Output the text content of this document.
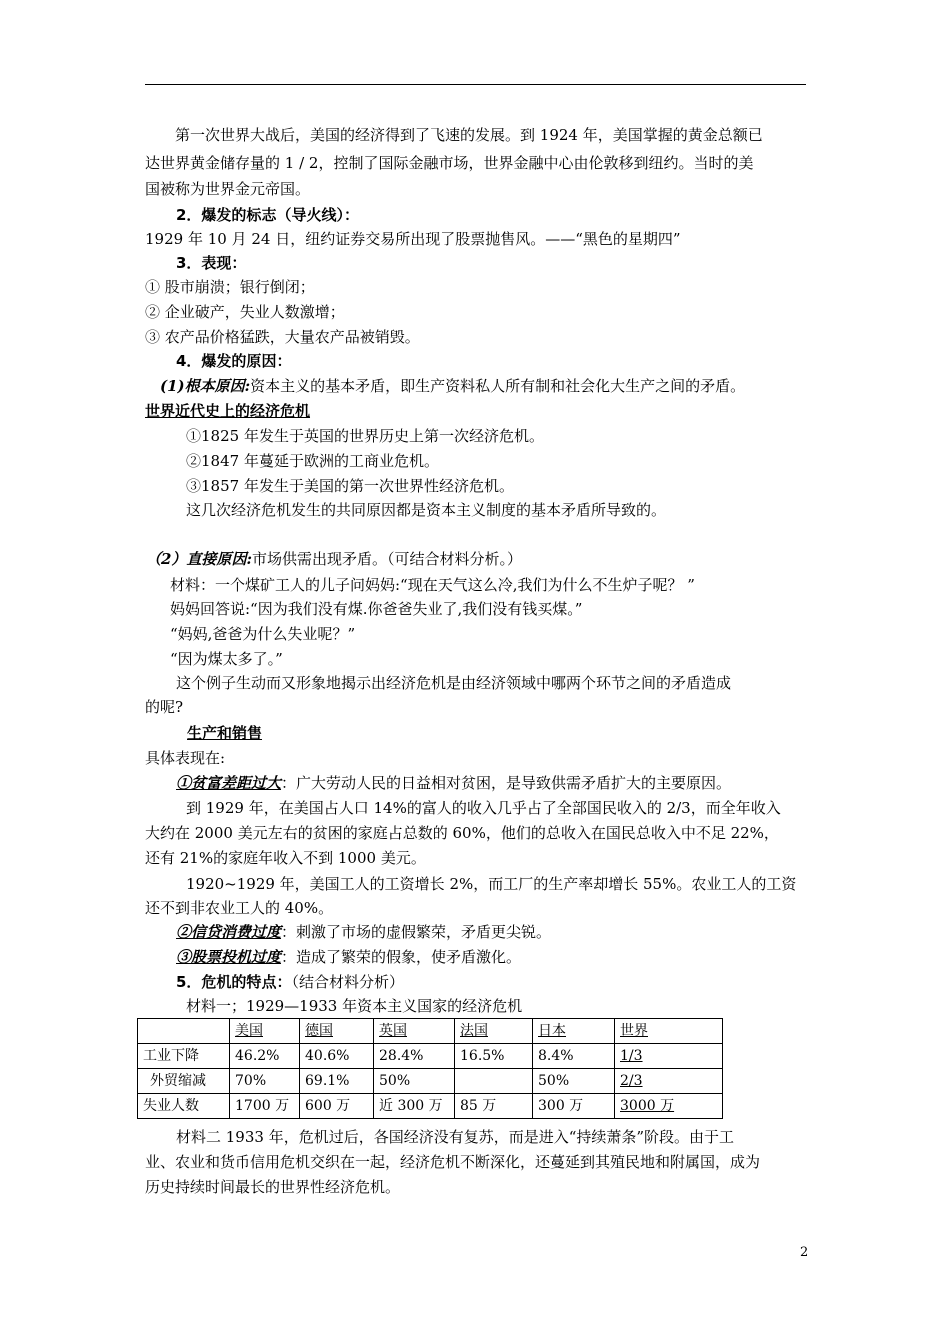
第一次世界大战后，美国的经济得到了飞速的发展。到 1924 年，美国掌握的黄金总额已
达世界黄金储存量的 1 / 2，控制了国际金融市场，世界金融中心由伦敦移到纽约。当时的美
国被称为世界金元帝国。
2．爆发的标志（导火线）：
1929 年 10 月 24 日，纽约证券交易所出现了股票抛售风。——“黑色的星期四”
3．表现：
① 股市崩溃；银行倒闭；
② 企业破产，失业人数激增；
③ 农产品价格猛跌，大量农产品被销毁。
4．爆发的原因：
(1)根本原因:资本主义的基本矛盾，即生产资料私人所有制和社会化大生产之间的矛盾。
世界近代史上的经济危机
①1825 年发生于英国的世界历史上第一次经济危机。
②1847 年蔓延于欧洲的工商业危机。
③1857 年发生于美国的第一次世界性经济危机。
这几次经济危机发生的共同原因都是资本主义制度的基本矛盾所导致的。
（2）直接原因:市场供需出现矛盾。（可结合材料分析。）
材料：一个煤矿工人的儿子问妈妈:“现在天气这么冷,我们为什么不生炉子呢？ ”
妈妈回答说:“因为我们没有煤.你爸爸失业了,我们没有钱买煤。”
“妈妈,爸爸为什么失业呢？”
“因为煤太多了。”
这个例子生动而又形象地揭示出经济危机是由经济领域中哪两个环节之间的矛盾造成
的呢?
生产和销售
具体表现在:
①贫富差距过大：广大劳动人民的日益相对贫困，是导致供需矛盾扩大的主要原因。
到 1929 年，在美国占人口 14%的富人的收入几乎占了全部国民收入的 2/3，而全年收入
大约在 2000 美元左右的贫困的家庭占总数的 60%，他们的总收入在国民总收入中不足 22%，
还有 21%的家庭年收入不到 1000 美元。
1920~1929 年，美国工人的工资增长 2%，而工厂的生产率却增长 55%。农业工人的工资
还不到非农业工人的 40%。
②信贷消费过度：刺激了市场的虚假繁荣，矛盾更尖锐。
③股票投机过度：造成了繁荣的假象，使矛盾激化。
5．危机的特点：（结合材料分析）
材料一；1929—1933 年资本主义国家的经济危机
	美国	德国	英国	法国	日本	世界
工业下降	46.2%	40.6%	28.4%	16.5%	8.4%	1/3
外贸缩减	70%	69.1%	50%		50%	2/3
失业人数	1700 万	600 万	近 300 万	85 万	300 万	3000 万
材料二 1933 年，危机过后，各国经济没有复苏，而是进入“持续萧条”阶段。由于工
业、农业和货币信用危机交织在一起，经济危机不断深化，还蔓延到其殖民地和附属国，成为
历史持续时间最长的世界性经济危机。
2
